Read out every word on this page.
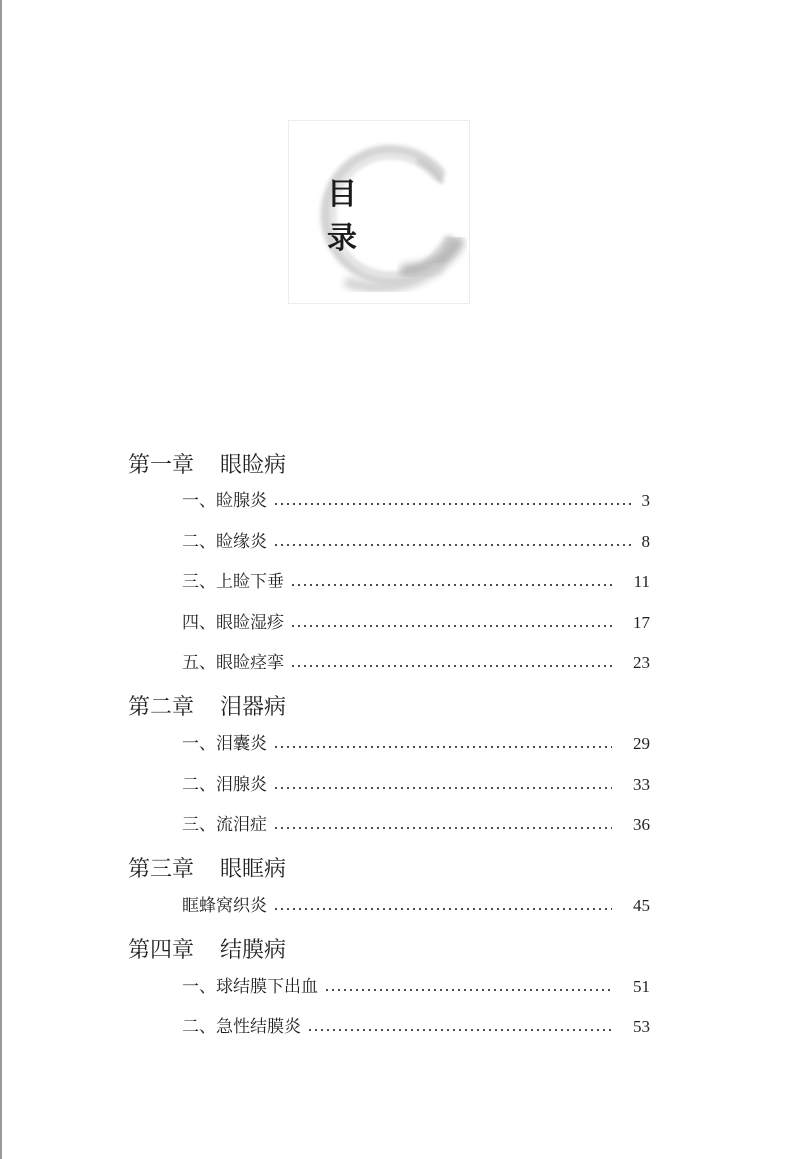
目 录
第一章 眼睑病
一、睑腺炎	3
二、睑缘炎	8
三、上睑下垂	11
四、眼睑湿疹	17
五、眼睑痉挛	23
第二章 泪器病
一、泪囊炎	29
二、泪腺炎	33
三、流泪症	36
第三章 眼眶病
眶蜂窝织炎	45
第四章 结膜病
一、球结膜下出血	51
二、急性结膜炎	53
